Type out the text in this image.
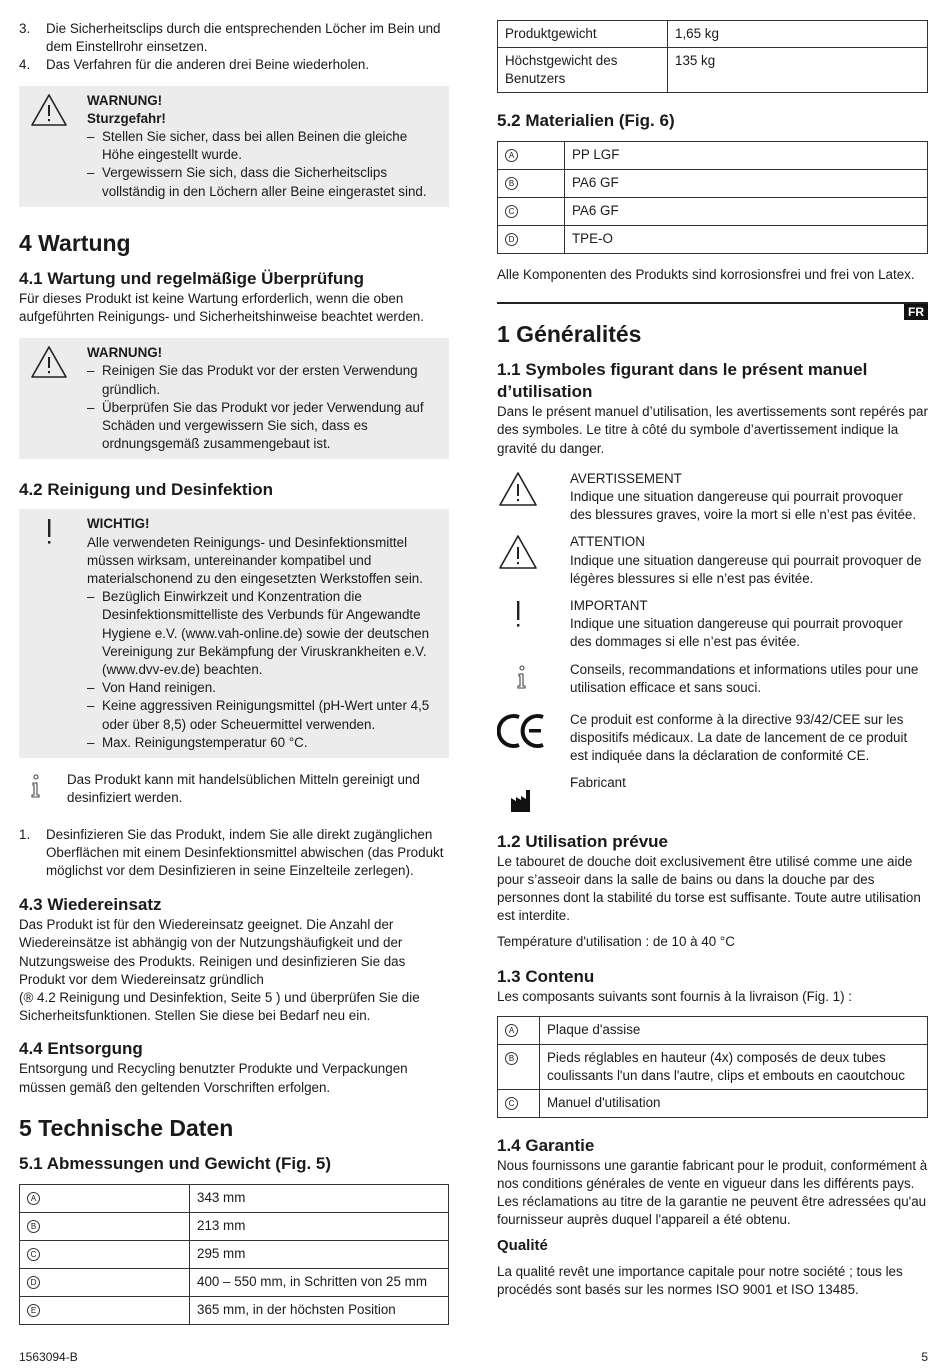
3.	Die Sicherheitsclips durch die entsprechenden Löcher im Bein und dem Einstellrohr einsetzen.
4.	Das Verfahren für die anderen drei Beine wiederholen.
WARNUNG!
Sturzgefahr!
– Stellen Sie sicher, dass bei allen Beinen die gleiche Höhe eingestellt wurde.
– Vergewissern Sie sich, dass die Sicherheitsclips vollständig in den Löchern aller Beine eingerastet sind.
4 Wartung
4.1 Wartung und regelmäßige Überprüfung

Für dieses Produkt ist keine Wartung erforderlich, wenn die oben aufgeführten Reinigungs- und Sicherheitshinweise beachtet werden.

WARNUNG!
– Reinigen Sie das Produkt vor der ersten Verwendung gründlich.
– Überprüfen Sie das Produkt vor jeder Verwendung auf Schäden und vergewissern Sie sich, dass es ordnungsgemäß zusammengebaut ist.
4.2 Reinigung und Desinfektion
WICHTIG!
Alle verwendeten Reinigungs- und Desinfektionsmittel müssen wirksam, untereinander kompatibel und materialschonend zu den eingesetzten Werkstoffen sein.
– Bezüglich Einwirkzeit und Konzentration die Desinfektionsmittelliste des Verbunds für Angewandte Hygiene e.V. (www.vah-online.de) sowie der deutschen Vereinigung zur Bekämpfung der Viruskrankheiten e.V. (www.dvv-ev.de) beachten.
– Von Hand reinigen.
– Keine aggressiven Reinigungsmittel (pH-Wert unter 4,5 oder über 8,5) oder Scheuermittel verwenden.
– Max. Reinigungstemperatur 60 °C.
Das Produkt kann mit handelsüblichen Mitteln gereinigt und desinfiziert werden.
1.	Desinfizieren Sie das Produkt, indem Sie alle direkt zugänglichen Oberflächen mit einem Desinfektionsmittel abwischen (das Produkt möglichst vor dem Desinfizieren in seine Einzelteile zerlegen).
4.3 Wiedereinsatz

Das Produkt ist für den Wiedereinsatz geeignet. Die Anzahl der Wiedereinsätze ist abhängig von der Nutzungshäufigkeit und der Nutzungsweise des Produkts. Reinigen und desinfizieren Sie das Produkt vor dem Wiedereinsatz gründlich

(® 4.2 Reinigung und Desinfektion, Seite 5 ) und überprüfen Sie die Sicherheitsfunktionen. Stellen Sie diese bei Bedarf neu ein.

4.4 Entsorgung

Entsorgung und Recycling benutzter Produkte und Verpackungen müssen gemäß den geltenden Vorschriften erfolgen.

5 Technische Daten
5.1 Abmessungen und Gewicht (Fig. 5)
A	343 mm
B	213 mm
C	295 mm
D	400 – 550 mm, in Schritten von 25 mm
E	365 mm, in der höchsten Position
Produktgewicht	1,65 kg
Höchstgewicht des Benutzers	135 kg
5.2 Materialien (Fig. 6)
A	PP LGF
B	PA6 GF
C	PA6 GF
D	TPE-O

Alle Komponenten des Produkts sind korrosionsfrei und frei von Latex.

FR
1 Généralités
1.1 Symboles figurant dans le présent manuel d’utilisation

Dans le présent manuel d’utilisation, les avertissements sont repérés par des symboles. Le titre à côté du symbole d’avertissement indique la gravité du danger.

AVERTISSEMENT
Indique une situation dangereuse qui pourrait provoquer des blessures graves, voire la mort si elle n’est pas évitée.
ATTENTION
Indique une situation dangereuse qui pourrait provoquer de légères blessures si elle n’est pas évitée.
IMPORTANT
Indique une situation dangereuse qui pourrait provoquer des dommages si elle n’est pas évitée.
Conseils, recommandations et informations utiles pour une utilisation efficace et sans souci.
Ce produit est conforme à la directive 93/42/CEE sur les dispositifs médicaux. La date de lancement de ce produit est indiquée dans la déclaration de conformité CE.
Fabricant
1.2 Utilisation prévue

Le tabouret de douche doit exclusivement être utilisé comme une aide pour s’asseoir dans la salle de bains ou dans la douche par des personnes dont la stabilité du torse est suffisante. Toute autre utilisation est interdite.

Température d'utilisation : de 10 à 40 °C

1.3 Contenu

Les composants suivants sont fournis à la livraison (Fig. 1) :

A	Plaque d'assise
B	Pieds réglables en hauteur (4x) composés de deux tubes coulissants l'un dans l'autre, clips et embouts en caoutchouc
C	Manuel d'utilisation
1.4 Garantie

Nous fournissons une garantie fabricant pour le produit, conformément à nos conditions générales de vente en vigueur dans les différents pays. Les réclamations au titre de la garantie ne peuvent être adressées qu'au fournisseur auprès duquel l'appareil a été obtenu.

Qualité

La qualité revêt une importance capitale pour notre société ; tous les procédés sont basés sur les normes ISO 9001 et ISO 13485.

1563094-B	5
